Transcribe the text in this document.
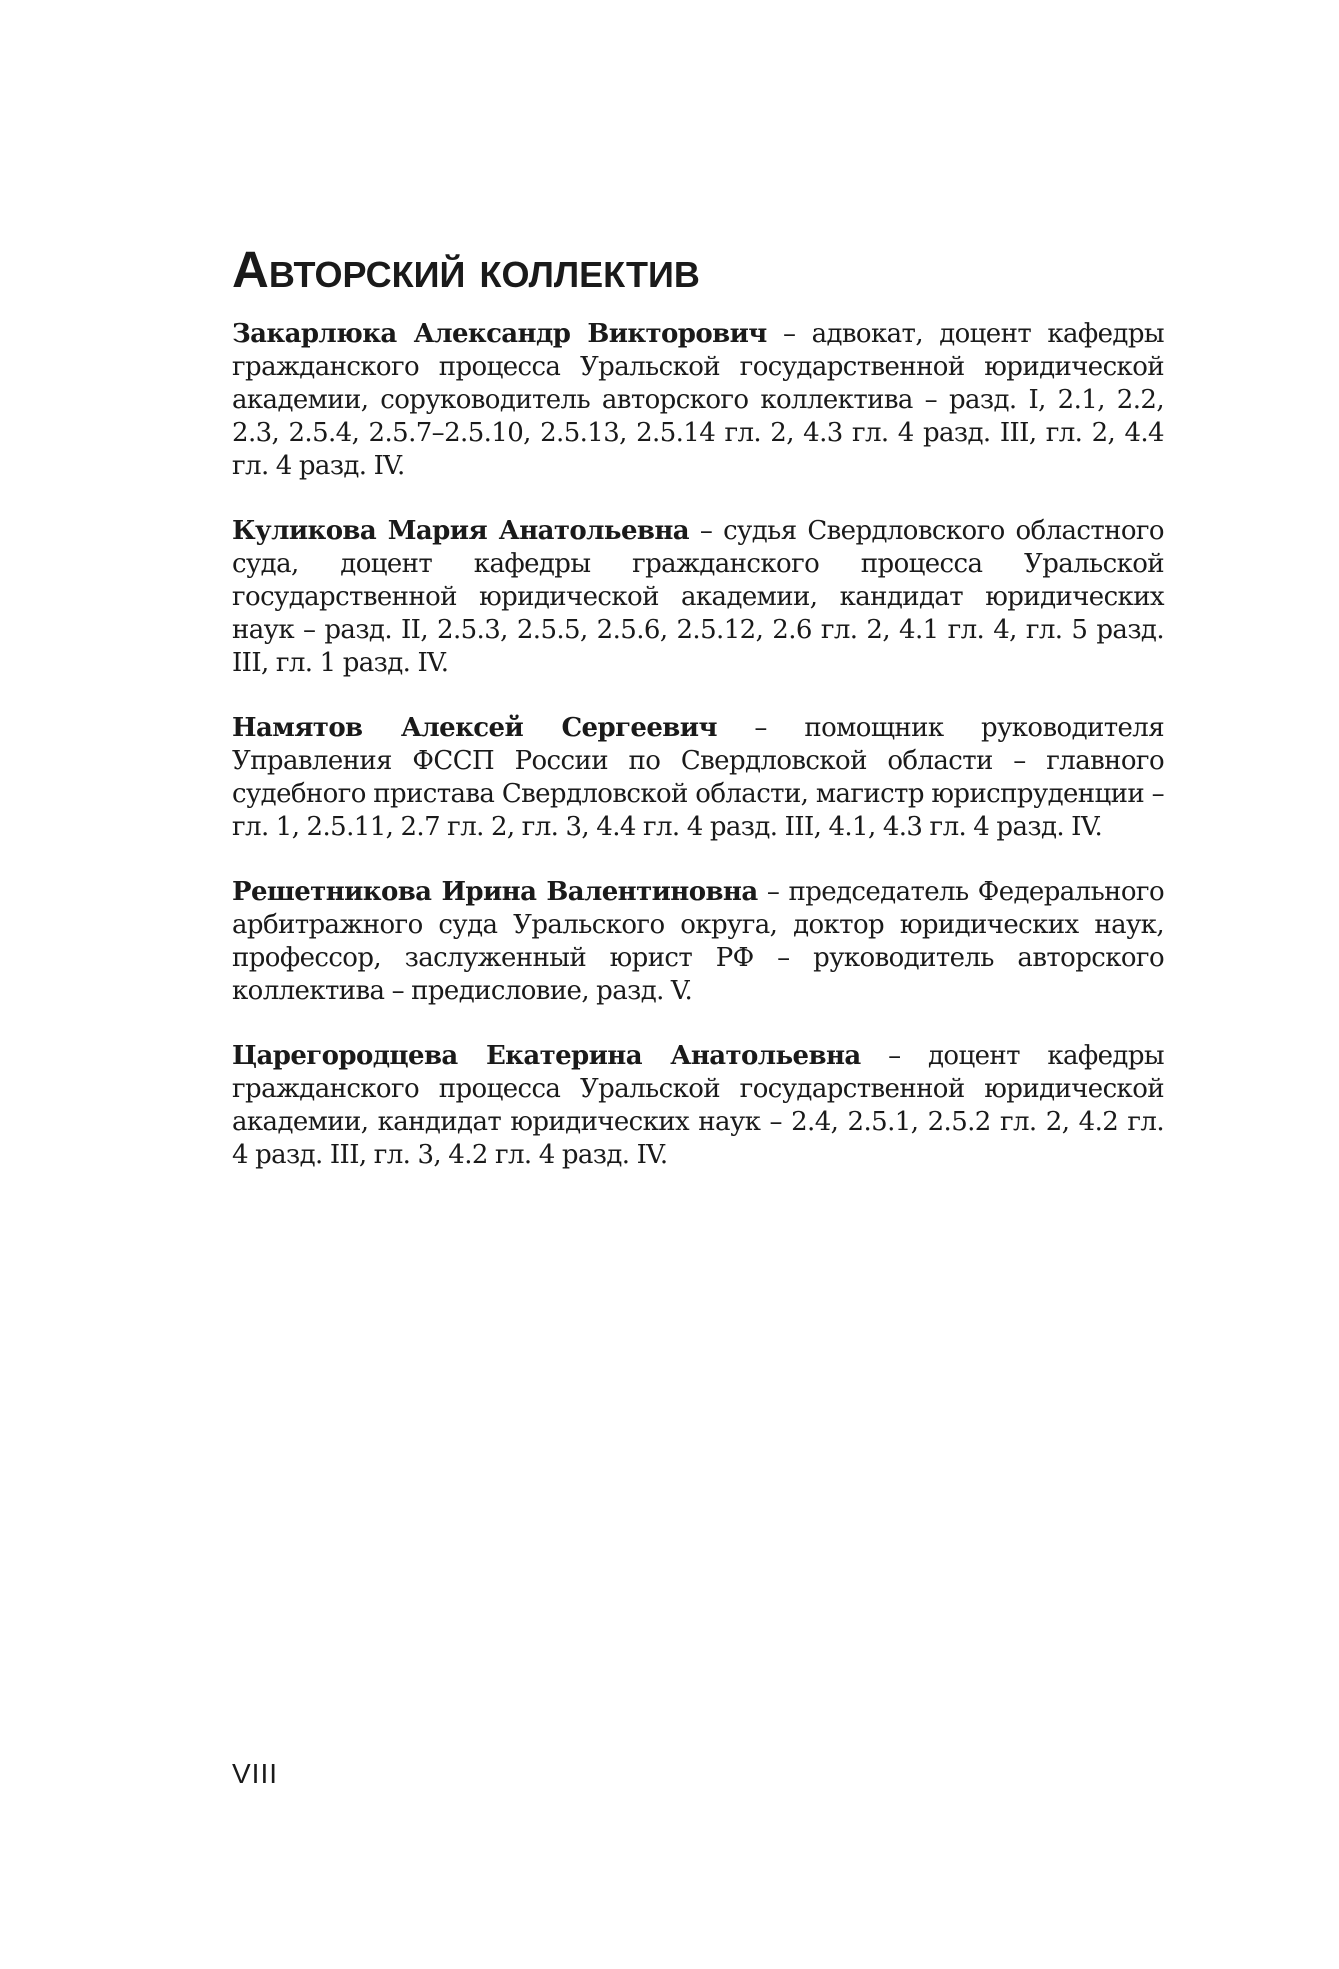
Авторский коллектив

Закарлюка Александр Викторович – адвокат, доцент кафедры гражданского процесса Уральской государственной юридической академии, соруководитель авторского коллектива – разд. I, 2.1, 2.2, 2.3, 2.5.4, 2.5.7–2.5.10, 2.5.13, 2.5.14 гл. 2, 4.3 гл. 4 разд. III, гл. 2, 4.4 гл. 4 разд. IV.

Куликова Мария Анатольевна – судья Свердловского областного суда, доцент кафедры гражданского процесса Уральской государственной юридической академии, кандидат юридических наук – разд. II, 2.5.3, 2.5.5, 2.5.6, 2.5.12, 2.6 гл. 2, 4.1 гл. 4, гл. 5 разд. III, гл. 1 разд. IV.

Намятов Алексей Сергеевич – помощник руководителя Управления ФССП России по Свердловской области – главного судебного пристава Свердловской области, магистр юриспруденции – гл. 1, 2.5.11, 2.7 гл. 2, гл. 3, 4.4 гл. 4 разд. III, 4.1, 4.3 гл. 4 разд. IV.

Решетникова Ирина Валентиновна – председатель Федерального арбитражного суда Уральского округа, доктор юридических наук, профессор, заслуженный юрист РФ – руководитель авторского коллектива – предисловие, разд. V.

Царегородцева Екатерина Анатольевна – доцент кафедры гражданского процесса Уральской государственной юридической академии, кандидат юридических наук – 2.4, 2.5.1, 2.5.2 гл. 2, 4.2 гл. 4 разд. III, гл. 3, 4.2 гл. 4 разд. IV.

VIII
